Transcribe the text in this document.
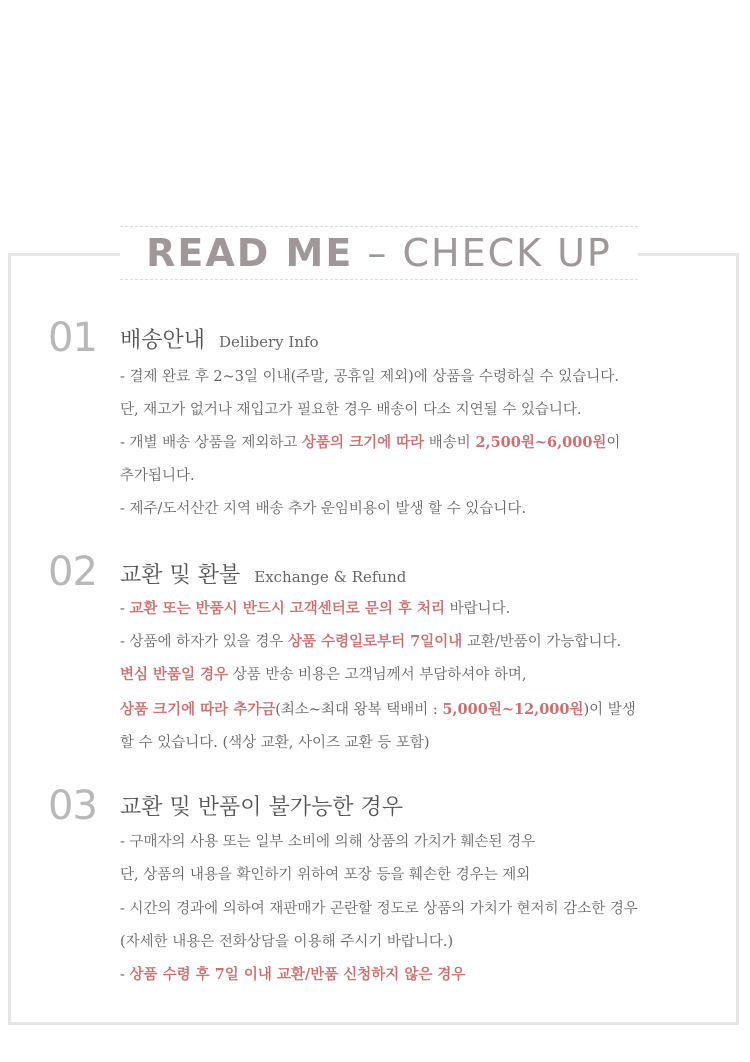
READ ME – CHECK UP
01 배송안내 Delibery Info
- 결제 완료 후 2~3일 이내(주말, 공휴일 제외)에 상품을 수령하실 수 있습니다.
단, 재고가 없거나 재입고가 필요한 경우 배송이 다소 지연될 수 있습니다.
- 개별 배송 상품을 제외하고 상품의 크기에 따라 배송비 2,500원~6,000원이
추가됩니다.
- 제주/도서산간 지역 배송 추가 운임비용이 발생 할 수 있습니다.
02 교환 및 환불 Exchange & Refund
- 교환 또는 반품시 반드시 고객센터로 문의 후 처리 바랍니다.
- 상품에 하자가 있을 경우 상품 수령일로부터 7일이내 교환/반품이 가능합니다.
변심 반품일 경우 상품 반송 비용은 고객님께서 부담하셔야 하며,
상품 크기에 따라 추가금(최소~최대 왕복 택배비 : 5,000원~12,000원)이 발생
할 수 있습니다. (색상 교환, 사이즈 교환 등 포함)
03 교환 및 반품이 불가능한 경우
- 구매자의 사용 또는 일부 소비에 의해 상품의 가치가 훼손된 경우
단, 상품의 내용을 확인하기 위하여 포장 등을 훼손한 경우는 제외
- 시간의 경과에 의하여 재판매가 곤란할 정도로 상품의 가치가 현저히 감소한 경우
(자세한 내용은 전화상담을 이용해 주시기 바랍니다.)
- 상품 수령 후 7일 이내 교환/반품 신청하지 않은 경우
